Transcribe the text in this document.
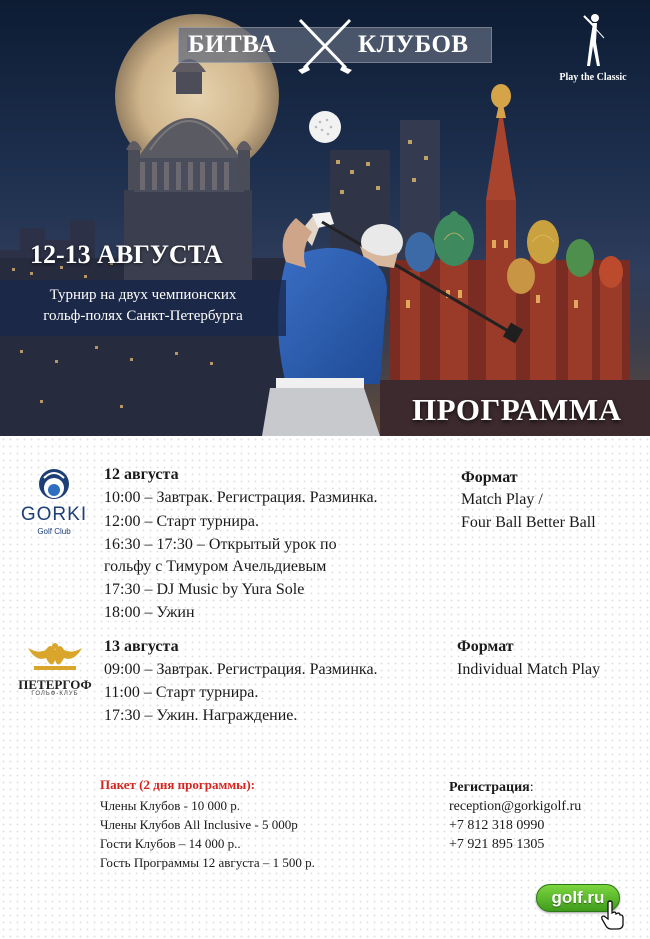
БИТВА	КЛУБОВ
Play the Classic
12-13 АВГУСТА
Турнир на двух чемпионских
гольф-полях Санкт-Петербурга
ПРОГРАММА
GORKI
Golf Club
12 августа
10:00 – Завтрак. Регистрация. Разминка.
12:00 – Старт турнира.
16:30 – 17:30 – Открытый урок по
гольфу с Тимуром Ачельдиевым
17:30 – DJ Music by Yura Sole
18:00 – Ужин
Формат
Match Play /
Four Ball Better Ball
ПЕТЕРГОФ
ГОЛЬФ-КЛУБ
13 августа
09:00 – Завтрак. Регистрация. Разминка.
11:00 – Старт турнира.
17:30 – Ужин. Награждение.
Формат
Individual Match Play
Пакет (2 дня программы):
Члены Клубов - 10 000 р.
Члены Клубов All Inclusive - 5 000р
Гости Клубов – 14 000 р..
Гость Программы 12 августа – 1 500 р.
Регистрация:
reception@gorkigolf.ru
+7 812 318 0990
+7 921 895 1305
golf.ru
